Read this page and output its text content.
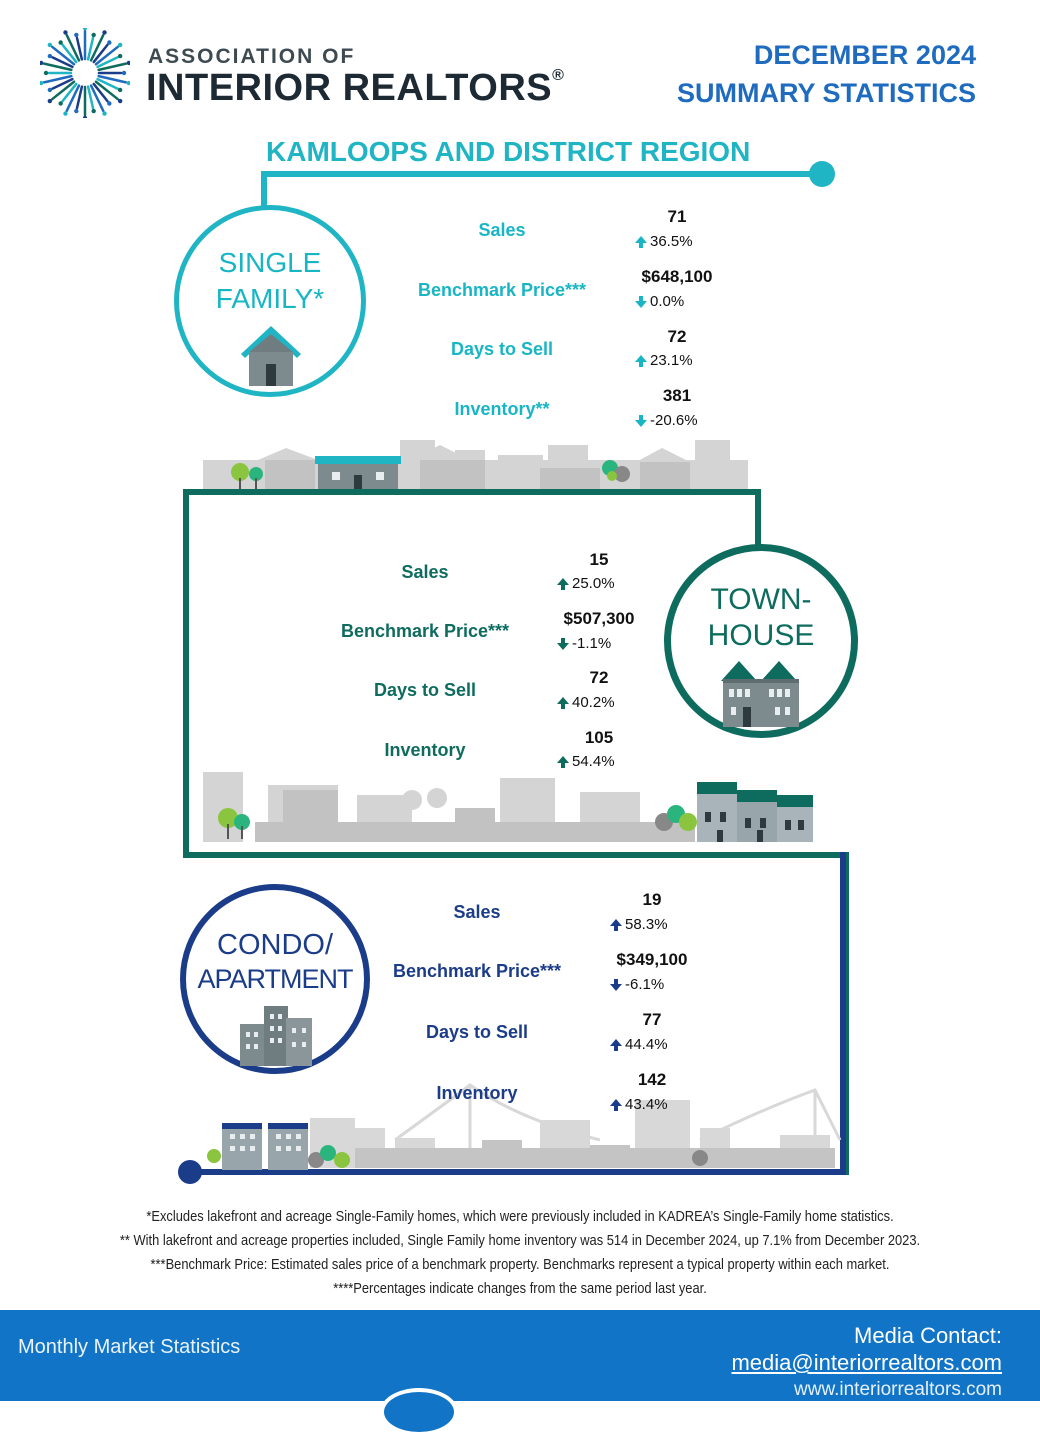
ASSOCIATION OF
INTERIOR REALTORS®
DECEMBER 2024
SUMMARY STATISTICS
KAMLOOPS AND DISTRICT REGION
SINGLE
FAMILY*
Sales
71
36.5%
Benchmark Price***
$648,100
0.0%
Days to Sell
72
23.1%
Inventory**
381
-20.6%
TOWN-
HOUSE
Sales
15
25.0%
Benchmark Price***
$507,300
-1.1%
Days to Sell
72
40.2%
Inventory
105
54.4%
CONDO/
APARTMENT
Sales
19
58.3%
Benchmark Price***
$349,100
-6.1%
Days to Sell
77
44.4%
Inventory
142
43.4%
*Excludes lakefront and acreage Single-Family homes, which were previously included in KADREA’s Single-Family home statistics.
** With lakefront and acreage properties included, Single Family home inventory was 514 in December 2024, up 7.1% from December 2023.
***Benchmark Price: Estimated sales price of a benchmark property. Benchmarks represent a typical property within each market.
****Percentages indicate changes from the same period last year.
Monthly Market Statistics	Media Contact:
media@interiorrealtors.com
www.interiorrealtors.com
